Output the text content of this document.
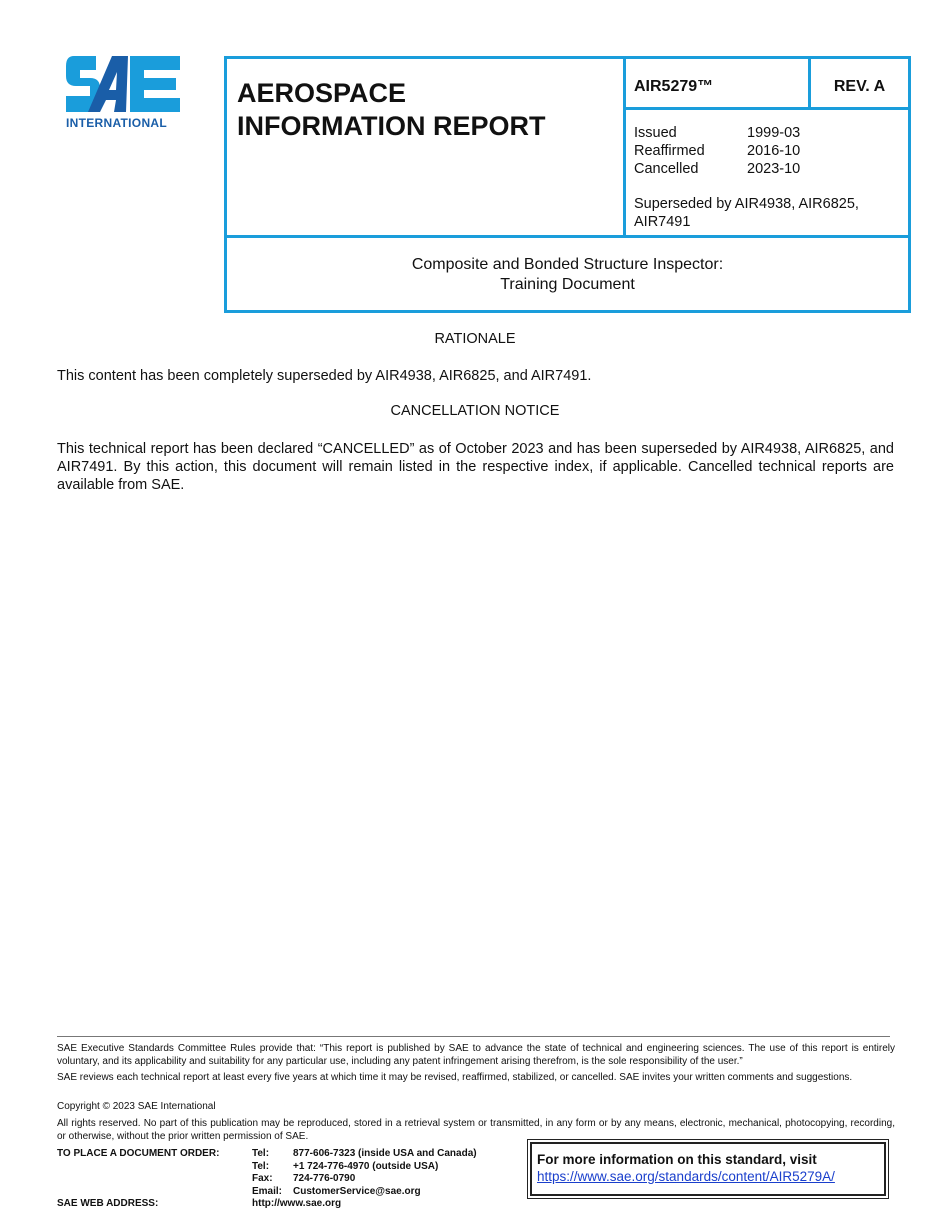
INTERNATIONAL
AEROSPACE
INFORMATION REPORT
AIR5279™	REV. A
Issued	1999-03
Reaffirmed	2016-10
Cancelled	2023-10
Superseded by AIR4938, AIR6825, AIR7491
Composite and Bonded Structure Inspector:
Training Document
RATIONALE
This content has been completely superseded by AIR4938, AIR6825, and AIR7491.
CANCELLATION NOTICE
This technical report has been declared “CANCELLED” as of October 2023 and has been superseded by AIR4938, AIR6825, and AIR7491. By this action, this document will remain listed in the respective index, if applicable. Cancelled technical reports are available from SAE.
SAE Executive Standards Committee Rules provide that: “This report is published by SAE to advance the state of technical and engineering sciences. The use of this report is entirely voluntary, and its applicability and suitability for any particular use, including any patent infringement arising therefrom, is the sole responsibility of the user.”
SAE reviews each technical report at least every five years at which time it may be revised, reaffirmed, stabilized, or cancelled. SAE invites your written comments and suggestions.
Copyright © 2023 SAE International
All rights reserved. No part of this publication may be reproduced, stored in a retrieval system or transmitted, in any form or by any means, electronic, mechanical, photocopying, recording, or otherwise, without the prior written permission of SAE.
TO PLACE A DOCUMENT ORDER:	Tel:	877-606-7323 (inside USA and Canada)
	Tel:	+1 724-776-4970 (outside USA)
	Fax:	724-776-0790
	Email:	CustomerService@sae.org
SAE WEB ADDRESS:	http://www.sae.org	
For more information on this standard, visit
https://www.sae.org/standards/content/AIR5279A/
